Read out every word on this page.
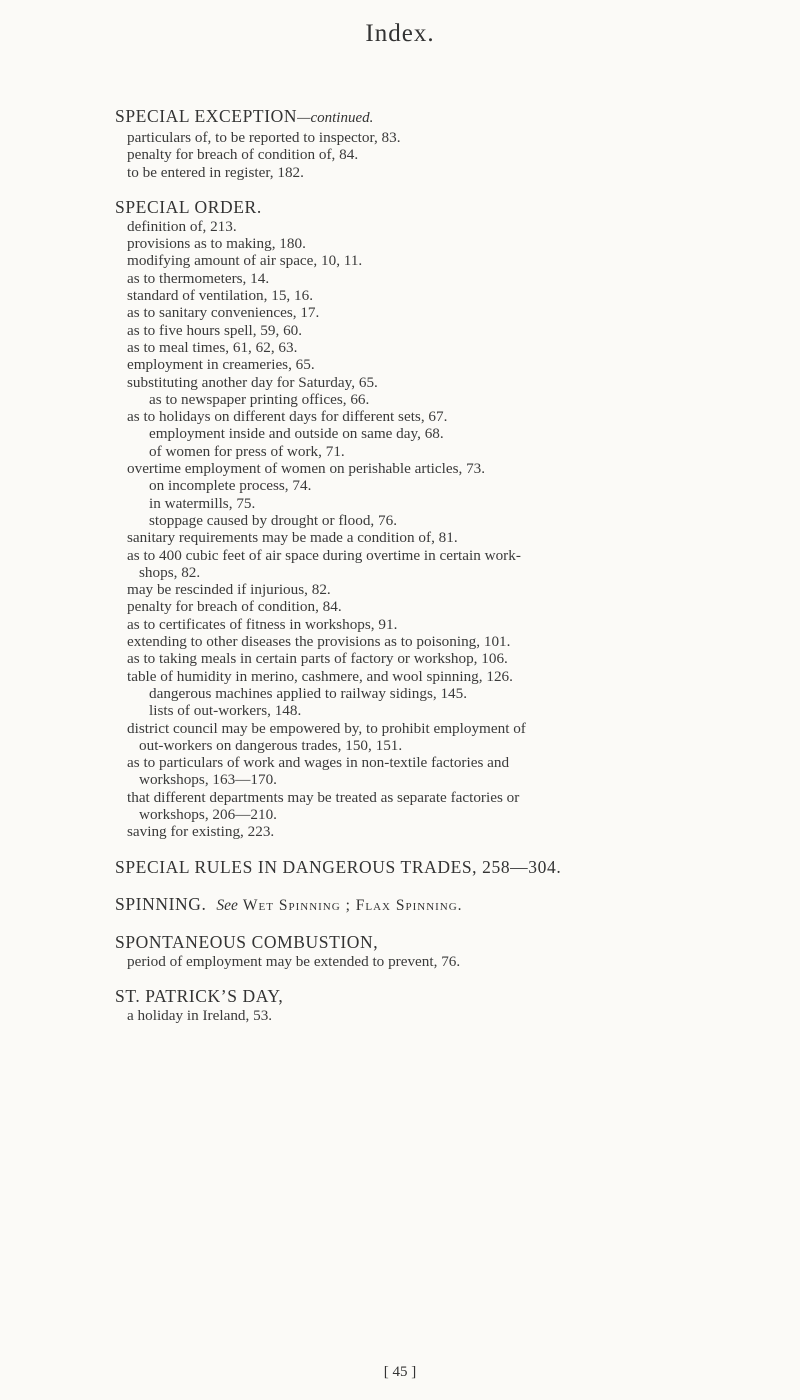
Index.
SPECIAL EXCEPTION—continued.
particulars of, to be reported to inspector, 83.
penalty for breach of condition of, 84.
to be entered in register, 182.
SPECIAL ORDER.
definition of, 213.
provisions as to making, 180.
modifying amount of air space, 10, 11.
as to thermometers, 14.
standard of ventilation, 15, 16.
as to sanitary conveniences, 17.
as to five hours spell, 59, 60.
as to meal times, 61, 62, 63.
employment in creameries, 65.
substituting another day for Saturday, 65.
as to newspaper printing offices, 66.
as to holidays on different days for different sets, 67.
employment inside and outside on same day, 68.
of women for press of work, 71.
overtime employment of women on perishable articles, 73.
on incomplete process, 74.
in watermills, 75.
stoppage caused by drought or flood, 76.
sanitary requirements may be made a condition of, 81.
as to 400 cubic feet of air space during overtime in certain work-
shops, 82.
may be rescinded if injurious, 82.
penalty for breach of condition, 84.
as to certificates of fitness in workshops, 91.
extending to other diseases the provisions as to poisoning, 101.
as to taking meals in certain parts of factory or workshop, 106.
table of humidity in merino, cashmere, and wool spinning, 126.
dangerous machines applied to railway sidings, 145.
lists of out-workers, 148.
district council may be empowered by, to prohibit employment of
out-workers on dangerous trades, 150, 151.
as to particulars of work and wages in non-textile factories and
workshops, 163—170.
that different departments may be treated as separate factories or
workshops, 206—210.
saving for existing, 223.
SPECIAL RULES IN DANGEROUS TRADES, 258—304.
SPINNING. See Wet Spinning ; Flax Spinning.
SPONTANEOUS COMBUSTION,
period of employment may be extended to prevent, 76.
ST. PATRICK’S DAY,
a holiday in Ireland, 53.
[ 45 ]
